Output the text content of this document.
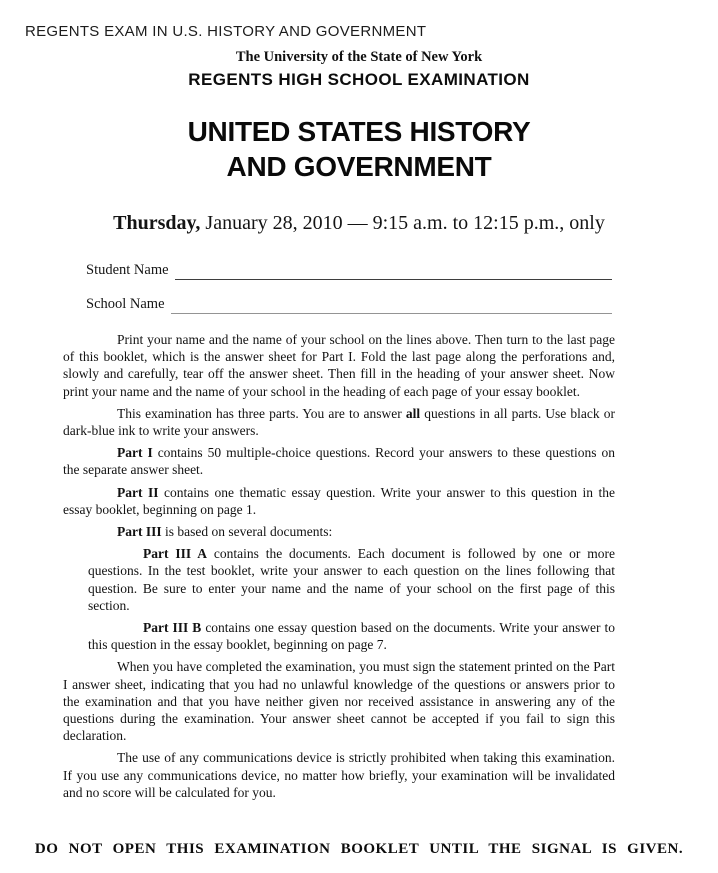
REGENTS EXAM IN U.S. HISTORY AND GOVERNMENT
The University of the State of New York
REGENTS HIGH SCHOOL EXAMINATION
UNITED STATES HISTORY
AND GOVERNMENT
Thursday, January 28, 2010 — 9:15 a.m. to 12:15 p.m., only
Student Name
School Name

Print your name and the name of your school on the lines above. Then turn to the last page of this booklet, which is the answer sheet for Part I. Fold the last page along the perforations and, slowly and carefully, tear off the answer sheet. Then fill in the heading of your answer sheet. Now print your name and the name of your school in the heading of each page of your essay booklet.

This examination has three parts. You are to answer all questions in all parts. Use black or dark-blue ink to write your answers.

Part I contains 50 multiple-choice questions. Record your answers to these questions on the separate answer sheet.

Part II contains one thematic essay question. Write your answer to this question in the essay booklet, beginning on page 1.

Part III is based on several documents:

Part III A contains the documents. Each document is followed by one or more questions. In the test booklet, write your answer to each question on the lines following that question. Be sure to enter your name and the name of your school on the first page of this section.

Part III B contains one essay question based on the documents. Write your answer to this question in the essay booklet, beginning on page 7.

When you have completed the examination, you must sign the statement printed on the Part I answer sheet, indicating that you had no unlawful knowledge of the questions or answers prior to the examination and that you have neither given nor received assistance in answering any of the questions during the examination. Your answer sheet cannot be accepted if you fail to sign this declaration.

The use of any communications device is strictly prohibited when taking this examination. If you use any communications device, no matter how briefly, your examination will be invalidated and no score will be calculated for you.

DO NOT OPEN THIS EXAMINATION BOOKLET UNTIL THE SIGNAL IS GIVEN.
